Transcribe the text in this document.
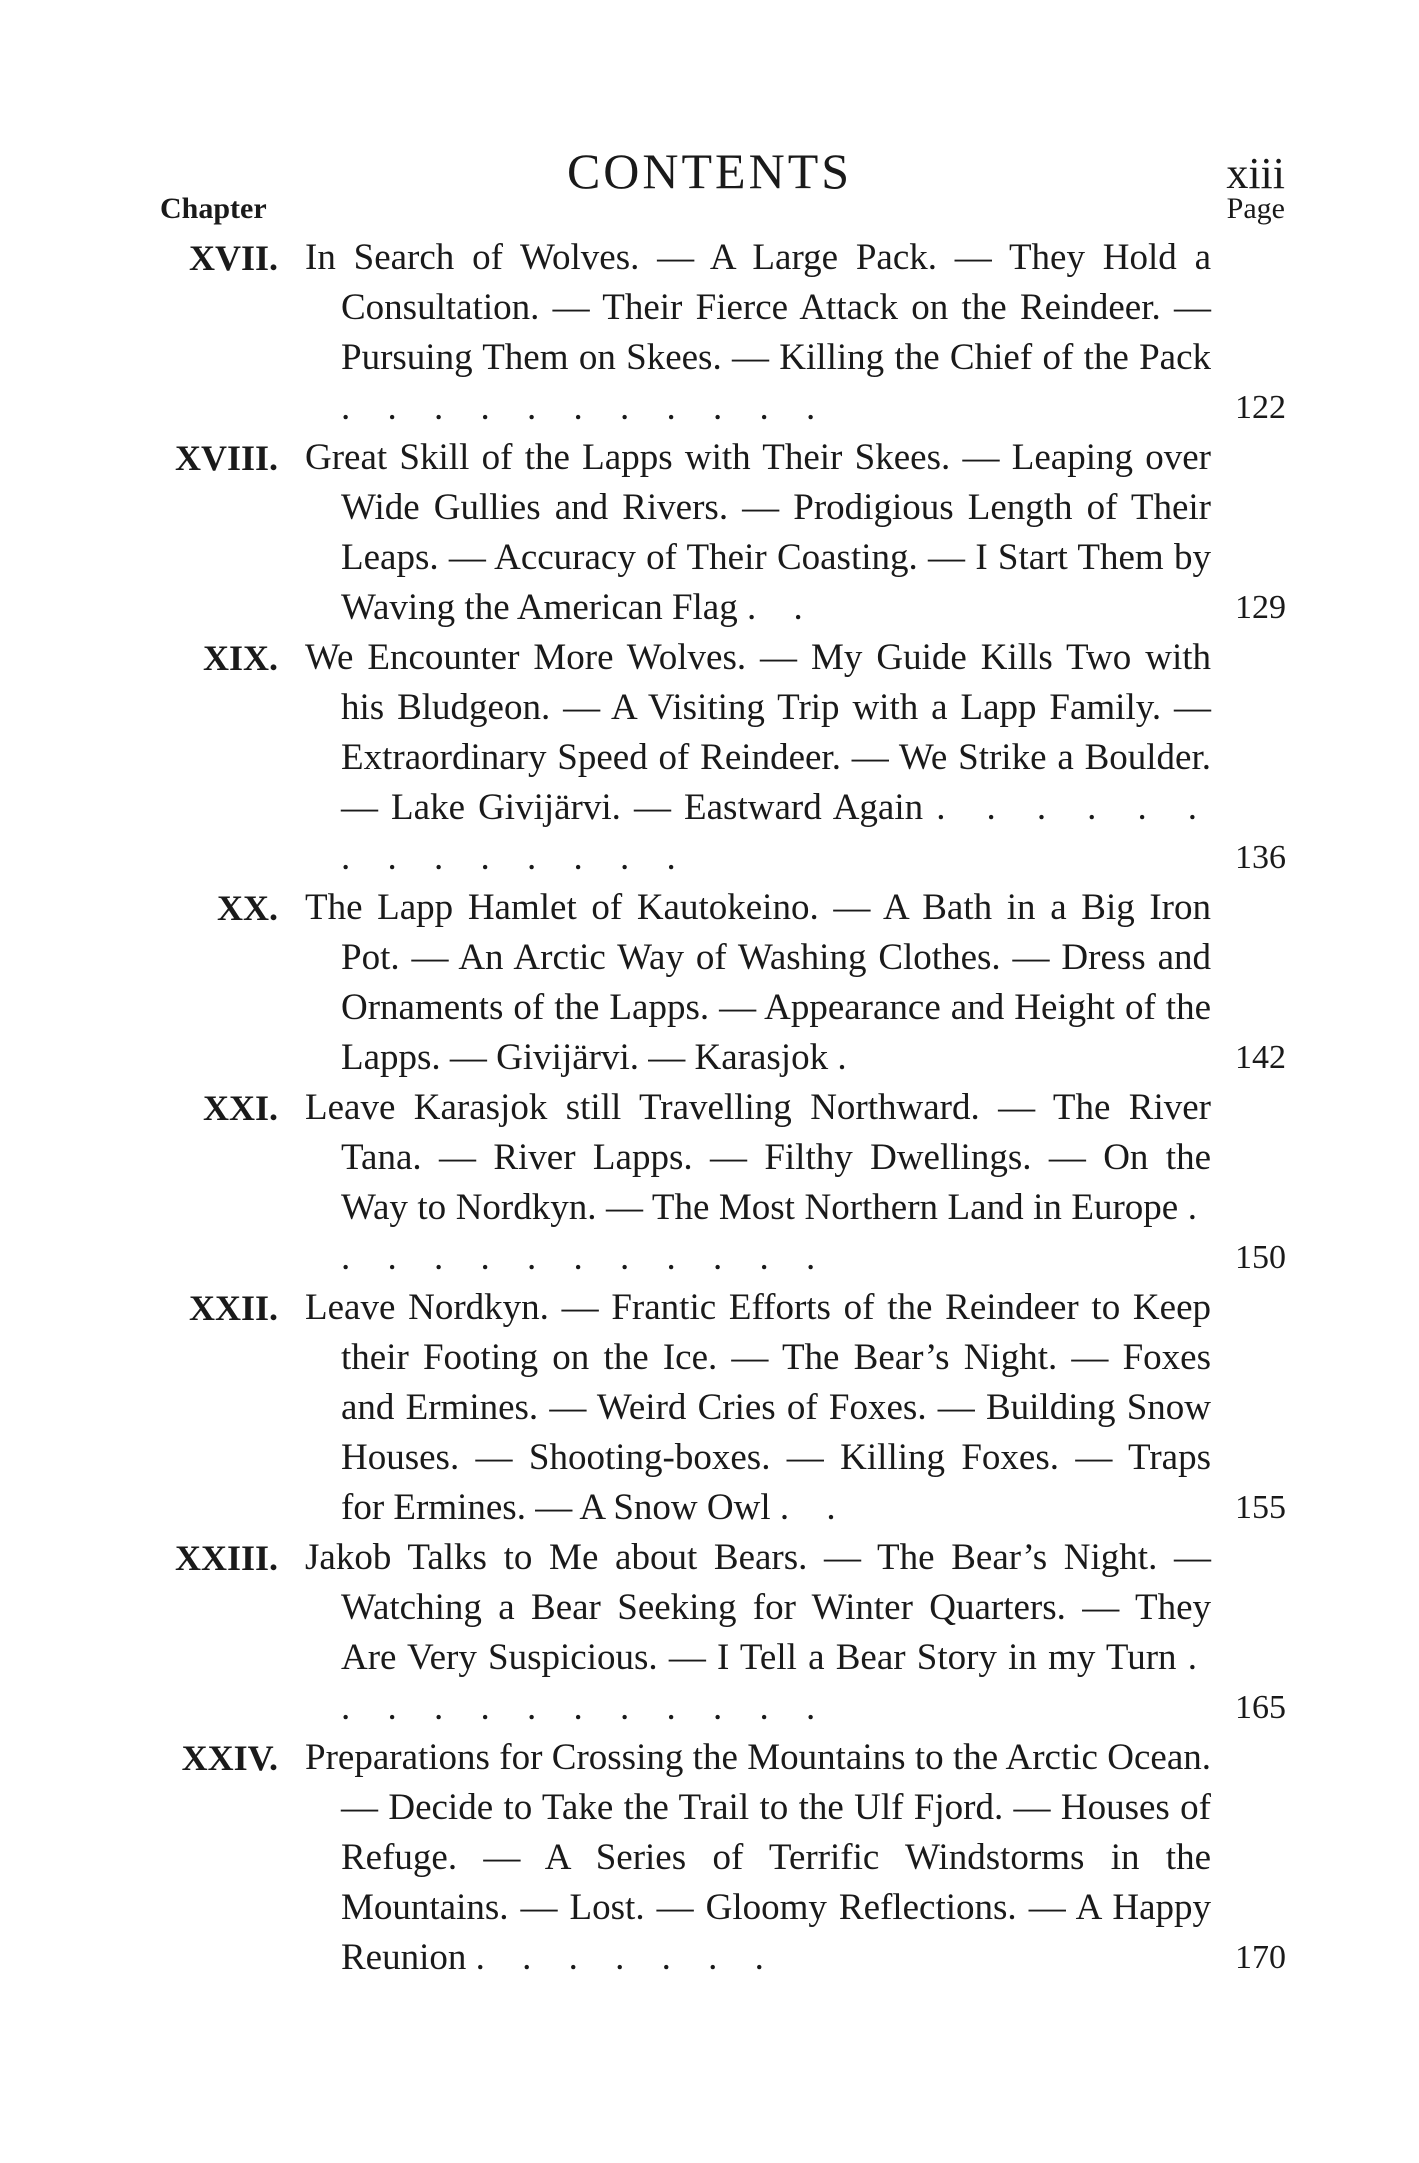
CONTENTS	xiii
Chapter	Page
XVII. In Search of Wolves. — A Large Pack. — They Hold a Consultation. — Their Fierce Attack on the Reindeer. — Pursuing Them on Skees. — Killing the Chief of the Pack . . . . . . . . . . .	122
XVIII. Great Skill of the Lapps with Their Skees. — Leaping over Wide Gullies and Rivers. — Prodigious Length of Their Leaps. — Accuracy of Their Coasting. — I Start Them by Waving the American Flag . .	129
XIX. We Encounter More Wolves. — My Guide Kills Two with his Bludgeon. — A Visiting Trip with a Lapp Family. — Extraordinary Speed of Reindeer. — We Strike a Boulder. — Lake Givijärvi. — Eastward Again . . . . . . . . . . . . . .	136
XX. The Lapp Hamlet of Kautokeino. — A Bath in a Big Iron Pot. — An Arctic Way of Washing Clothes. — Dress and Ornaments of the Lapps. — Appearance and Height of the Lapps. — Givijärvi. — Karasjok .	142
XXI. Leave Karasjok still Travelling Northward. — The River Tana. — River Lapps. — Filthy Dwellings. — On the Way to Nordkyn. — The Most Northern Land in Europe . . . . . . . . . . . .	150
XXII. Leave Nordkyn. — Frantic Efforts of the Reindeer to Keep their Footing on the Ice. — The Bear’s Night. — Foxes and Ermines. — Weird Cries of Foxes. — Building Snow Houses. — Shooting-boxes. — Killing Foxes. — Traps for Ermines. — A Snow Owl . .	155
XXIII. Jakob Talks to Me about Bears. — The Bear’s Night. — Watching a Bear Seeking for Winter Quarters. — They Are Very Suspicious. — I Tell a Bear Story in my Turn . . . . . . . . . . . .	165
XXIV. Preparations for Crossing the Mountains to the Arctic Ocean. — Decide to Take the Trail to the Ulf Fjord. — Houses of Refuge. — A Series of Terrific Windstorms in the Mountains. — Lost. — Gloomy Reflections. — A Happy Reunion . . . . . . .	170
